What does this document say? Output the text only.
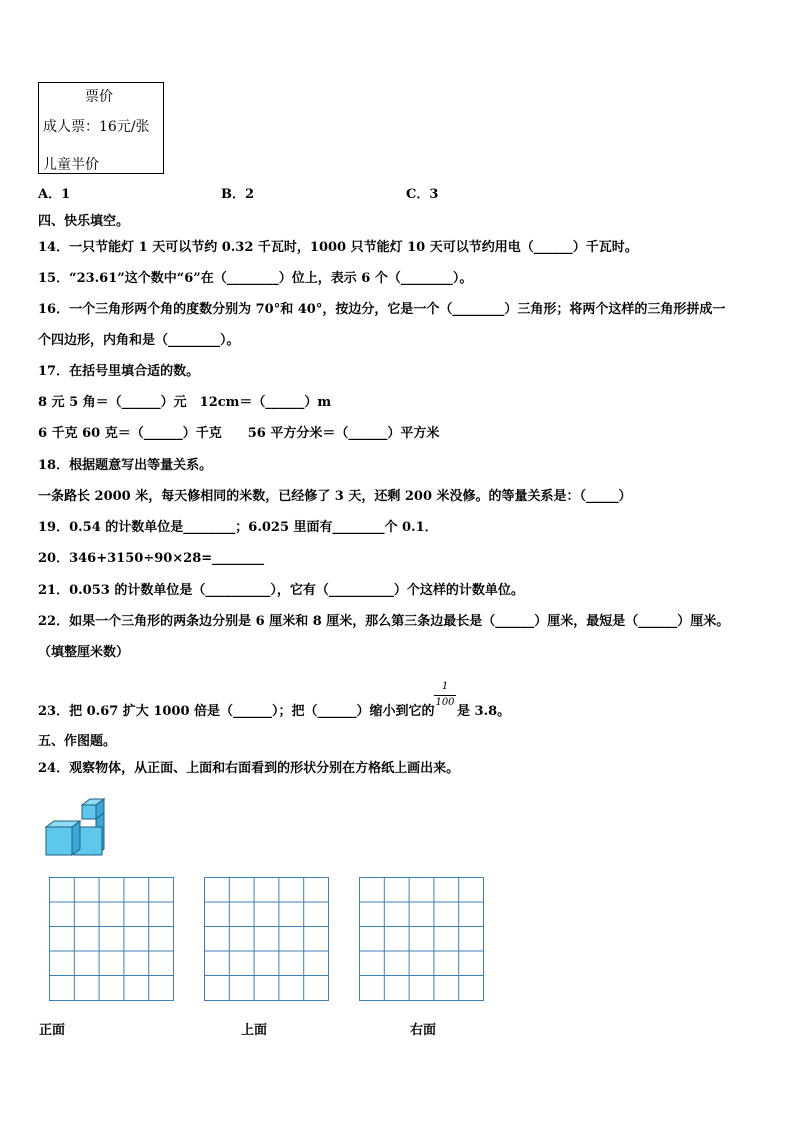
票价
成人票：16元/张
儿童半价
A．1	B．2	C．3
四、快乐填空。
14．一只节能灯 1 天可以节约 0.32 千瓦时，1000 只节能灯 10 天可以节约用电（______）千瓦时。
15．“23.61”这个数中“6”在（________）位上，表示 6 个（________）。
16．一个三角形两个角的度数分别为 70°和 40°，按边分，它是一个（________）三角形；将两个这样的三角形拼成一
个四边形，内角和是（________）。
17．在括号里填合适的数。
8 元 5 角＝（______）元　12cm＝（______）m
6 千克 60 克＝（______）千克　　56 平方分米＝（______）平方米
18．根据题意写出等量关系。
一条路长 2000 米，每天修相同的米数，已经修了 3 天，还剩 200 米没修。的等量关系是：（_____）
19．0.54 的计数单位是________；6.025 里面有________个 0.1．
20．346+3150÷90×28=________
21．0.053 的计数单位是（__________），它有（__________）个这样的计数单位。
22．如果一个三角形的两条边分别是 6 厘米和 8 厘米，那么第三条边最长是（______）厘米，最短是（______）厘米。
（填整厘米数）
23．把 0.67 扩大 1000 倍是（______）；把（______）缩小到它的
1
100
是 3.8。
五、作图题。
24．观察物体，从正面、上面和右面看到的形状分别在方格纸上画出来。
正面	上面	右面
